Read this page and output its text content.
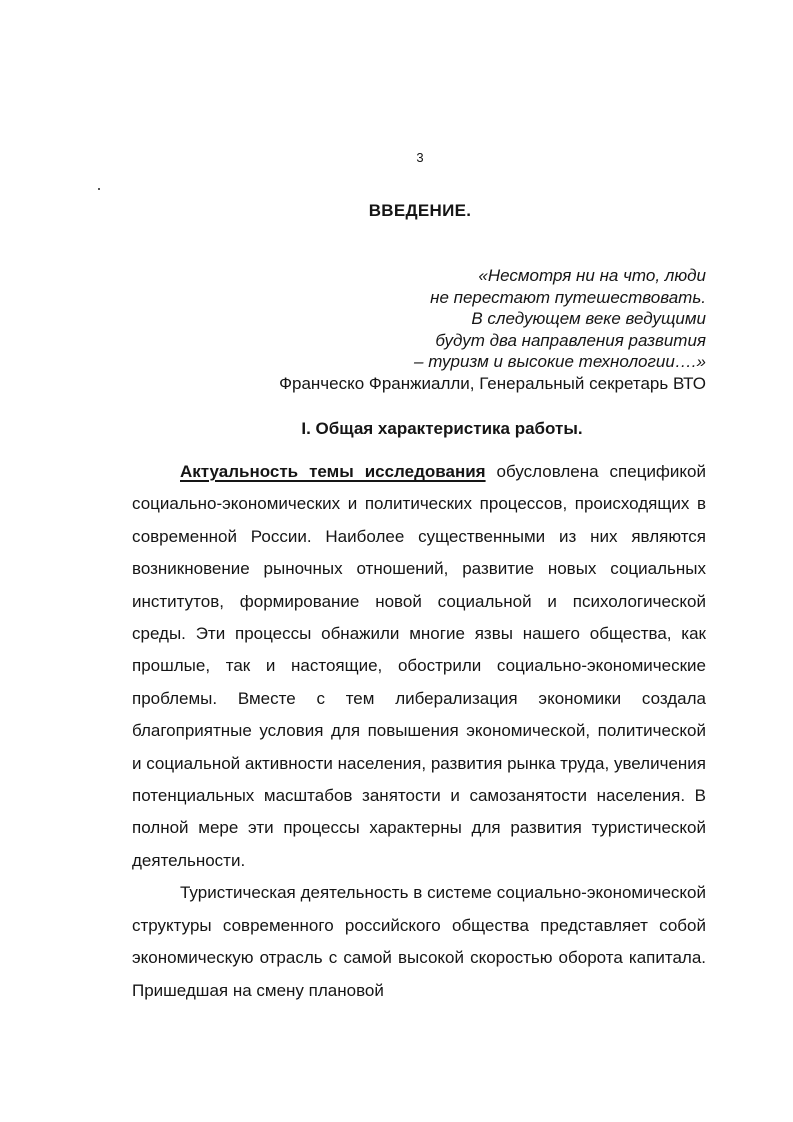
3
ВВЕДЕНИЕ.
«Несмотря ни на что, люди
не перестают путешествовать.
В следующем веке ведущими
будут два направления развития
– туризм и высокие технологии….»
Франческо Франжиалли, Генеральный секретарь ВТО
I. Общая характеристика работы.

Актуальность темы исследования обусловлена спецификой социально-экономических и политических процессов, происходящих в современной России. Наиболее существенными из них являются возникновение рыночных отношений, развитие новых социальных институтов, формирование новой социальной и психологической среды. Эти процессы обнажили многие язвы нашего общества, как прошлые, так и настоящие, обострили социально-экономические проблемы. Вместе с тем либерализация экономики создала благоприятные условия для повышения экономической, политической и социальной активности населения, развития рынка труда, увеличения потенциальных масштабов занятости и самозанятости населения. В полной мере эти процессы характерны для развития туристической деятельности.

Туристическая деятельность в системе социально-экономической структуры современного российского общества представляет собой экономическую отрасль с самой высокой скоростью оборота капитала. Пришедшая на смену плановой
